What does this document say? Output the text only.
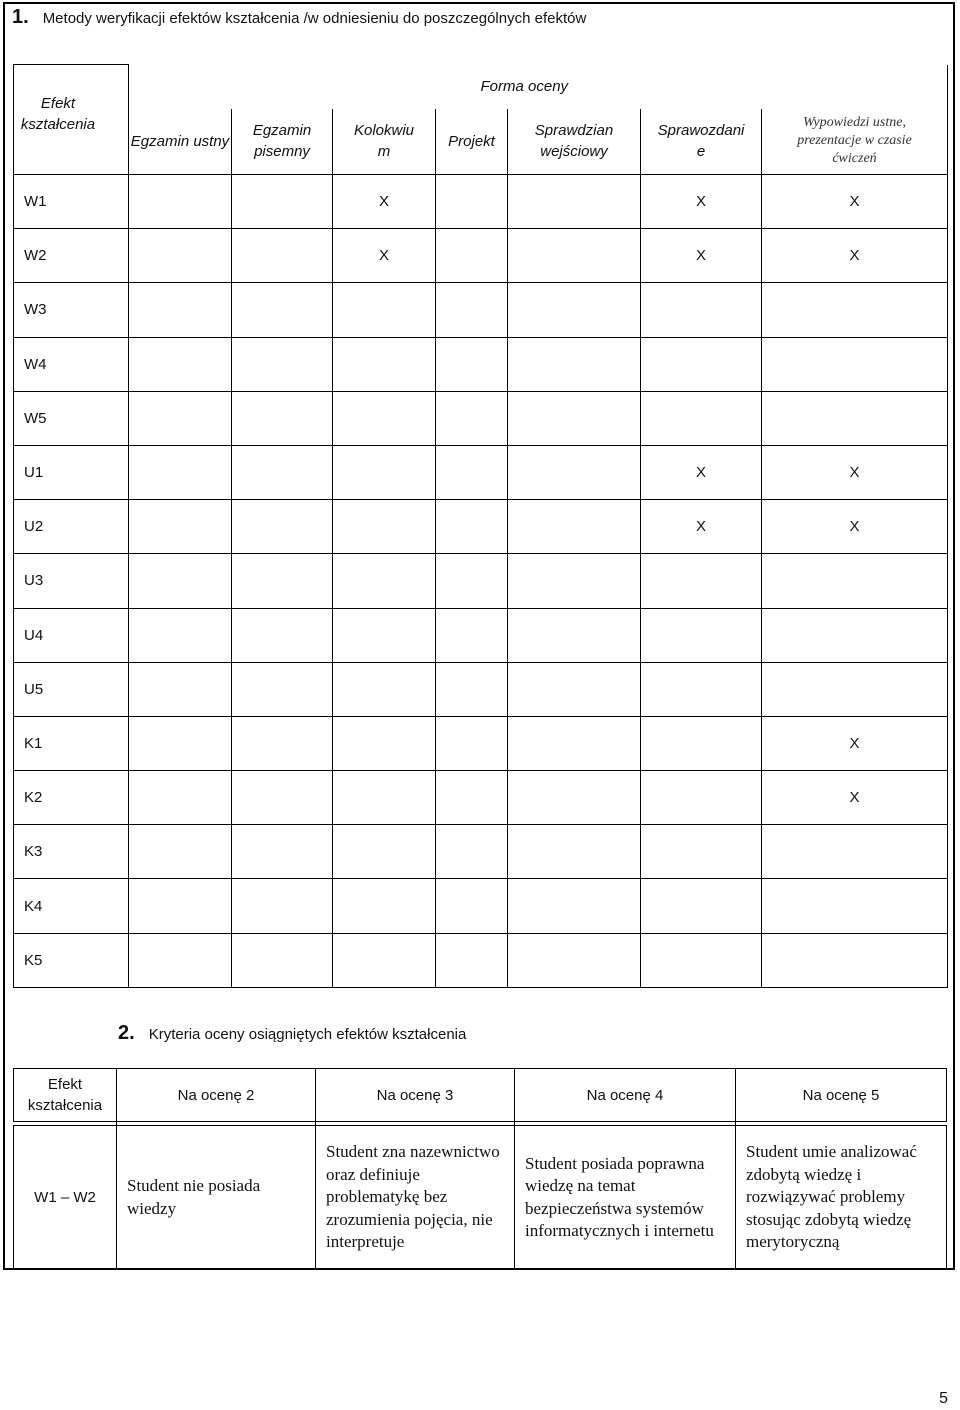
1. Metody weryfikacji efektów kształcenia /w odniesieniu do poszczególnych efektów
Efekt kształcenia				Forma oceny			
	Egzamin ustny	Egzamin pisemny	Kolokwium	Projekt	Sprawdzian wejściowy	Sprawozdanie	Wypowiedzi ustne, prezentacje w czasie ćwiczeń
W1			X			X	X
W2			X			X	X
W3							
W4							
W5							
U1						X	X
U2						X	X
U3							
U4							
U5							
K1							X
K2							X
K3							
K4							
K5							
2. Kryteria oceny osiągniętych efektów kształcenia
Efekt kształcenia	Na ocenę 2	Na ocenę 3	Na ocenę 4	Na ocenę 5

W1 – W2	Student nie posiada wiedzy	Student zna nazewnictwo oraz definiuje problematykę bez zrozumienia pojęcia, nie interpretuje	Student posiada poprawna wiedzę na temat bezpieczeństwa systemów informatycznych i internetu	Student umie analizować zdobytą wiedzę i rozwiązywać problemy stosując zdobytą wiedzę merytoryczną
5
